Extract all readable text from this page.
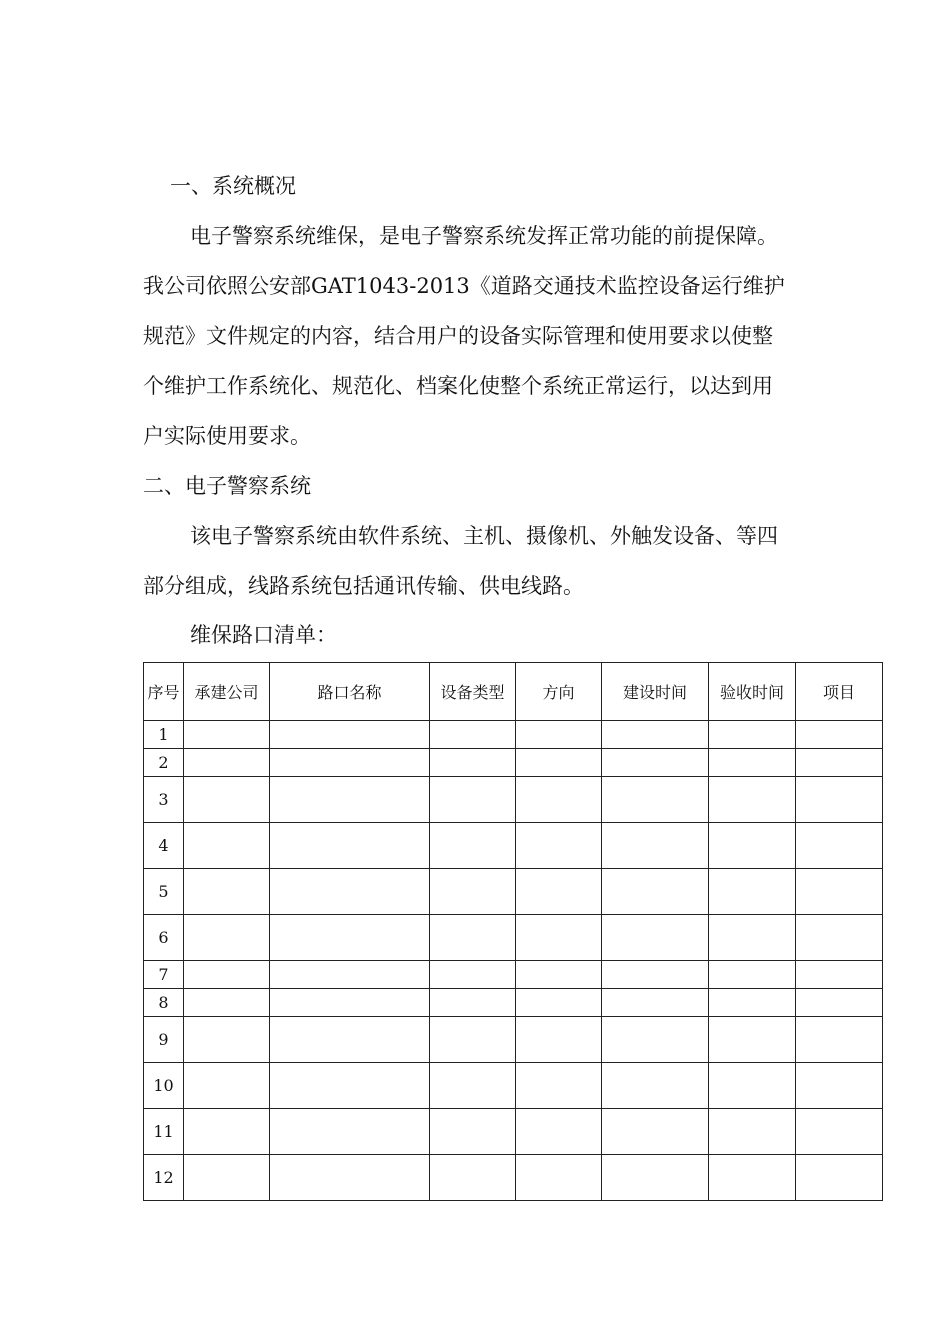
一、系统概况
电子警察系统维保，是电子警察系统发挥正常功能的前提保障。
我公司依照公安部GAT1043-2013《道路交通技术监控设备运行维护
规范》文件规定的内容，结合用户的设备实际管理和使用要求以使整
个维护工作系统化、规范化、档案化使整个系统正常运行，以达到用
户实际使用要求。
二、电子警察系统
该电子警察系统由软件系统、主机、摄像机、外触发设备、等四
部分组成，线路系统包括通讯传输、供电线路。
维保路口清单：
序号	承建公司	路口名称	设备类型	方向	建设时间	验收时间	项目
1							
2							
3							
4							
5							
6							
7							
8							
9							
10							
11							
12							
